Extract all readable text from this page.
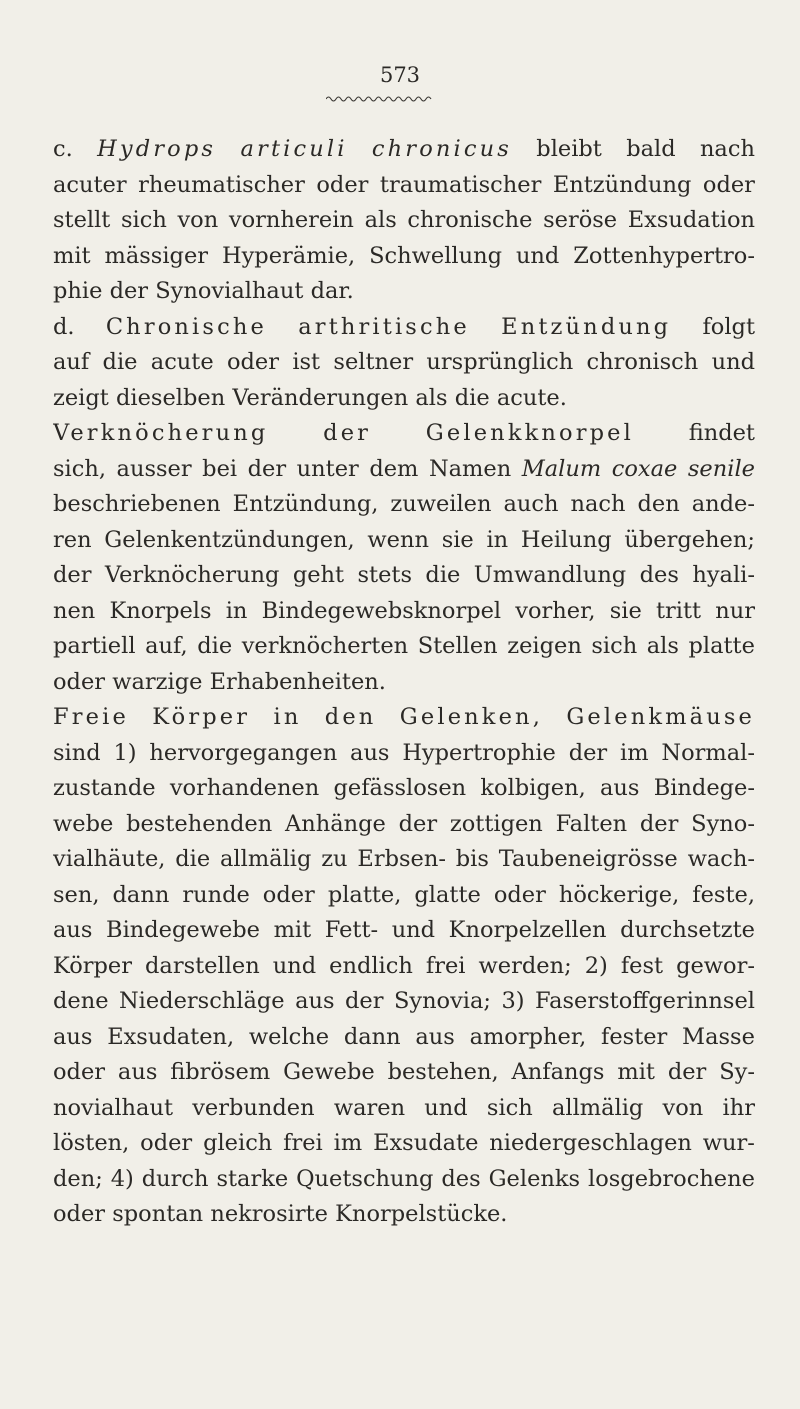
573
c. Hydrops articuli chronicus bleibt bald nach
acuter rheumatischer oder traumatischer Entzündung oder
stellt sich von vornherein als chronische seröse Exsudation
mit mässiger Hyperämie, Schwellung und Zottenhypertro-
phie der Synovialhaut dar.
d. Chronische arthritische Entzündung folgt
auf die acute oder ist seltner ursprünglich chronisch und
zeigt dieselben Veränderungen als die acute.
Verknöcherung der Gelenkknorpel findet
sich, ausser bei der unter dem Namen Malum coxae senile
beschriebenen Entzündung, zuweilen auch nach den ande-
ren Gelenkentzündungen, wenn sie in Heilung übergehen;
der Verknöcherung geht stets die Umwandlung des hyali-
nen Knorpels in Bindegewebsknorpel vorher, sie tritt nur
partiell auf, die verknöcherten Stellen zeigen sich als platte
oder warzige Erhabenheiten.
Freie Körper in den Gelenken, Gelenkmäuse
sind 1) hervorgegangen aus Hypertrophie der im Normal-
zustande vorhandenen gefässlosen kolbigen, aus Bindege-
webe bestehenden Anhänge der zottigen Falten der Syno-
vialhäute, die allmälig zu Erbsen- bis Taubeneigrösse wach-
sen, dann runde oder platte, glatte oder höckerige, feste,
aus Bindegewebe mit Fett- und Knorpelzellen durchsetzte
Körper darstellen und endlich frei werden; 2) fest gewor-
dene Niederschläge aus der Synovia; 3) Faserstoffgerinnsel
aus Exsudaten, welche dann aus amorpher, fester Masse
oder aus fibrösem Gewebe bestehen, Anfangs mit der Sy-
novialhaut verbunden waren und sich allmälig von ihr
lösten, oder gleich frei im Exsudate niedergeschlagen wur-
den; 4) durch starke Quetschung des Gelenks losgebrochene
oder spontan nekrosirte Knorpelstücke.
